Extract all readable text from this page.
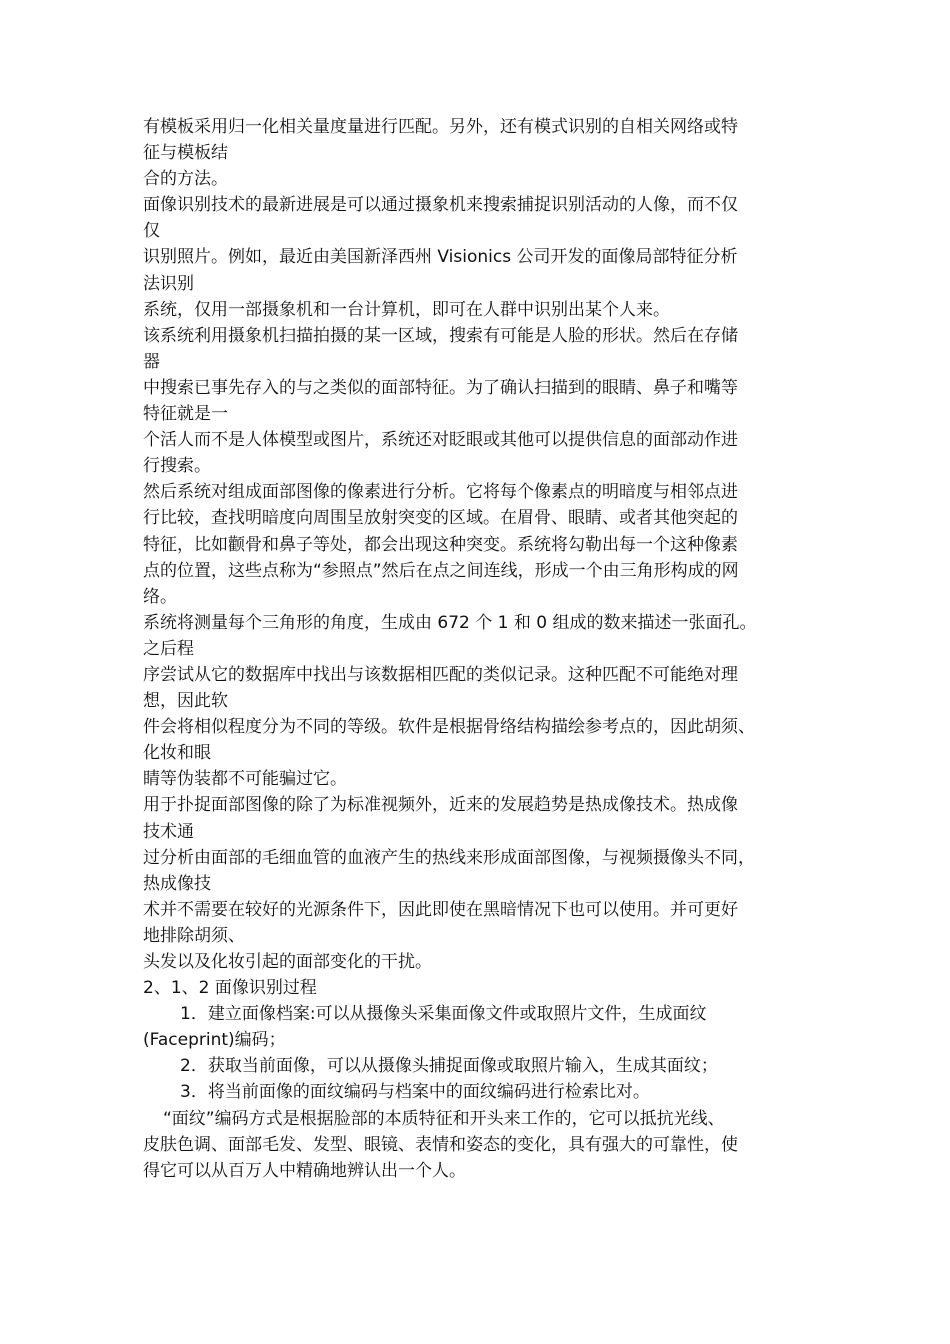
有模板采用归一化相关量度量进行匹配。另外，还有模式识别的自相关网络或特

征与模板结

合的方法。

面像识别技术的最新进展是可以通过摄象机来搜索捕捉识别活动的人像，而不仅

仅

识别照片。例如，最近由美国新泽西州 Visionics 公司开发的面像局部特征分析

法识别

系统，仅用一部摄象机和一台计算机，即可在人群中识别出某个人来。

该系统利用摄象机扫描拍摄的某一区域，搜索有可能是人脸的形状。然后在存储

器

中搜索已事先存入的与之类似的面部特征。为了确认扫描到的眼睛、鼻子和嘴等

特征就是一

个活人而不是人体模型或图片，系统还对眨眼或其他可以提供信息的面部动作进

行搜索。

然后系统对组成面部图像的像素进行分析。它将每个像素点的明暗度与相邻点进

行比较，查找明暗度向周围呈放射突变的区域。在眉骨、眼睛、或者其他突起的

特征，比如颧骨和鼻子等处，都会出现这种突变。系统将勾勒出每一个这种像素

点的位置，这些点称为“参照点”然后在点之间连线，形成一个由三角形构成的网

络。

系统将测量每个三角形的角度，生成由 672 个 1 和 0 组成的数来描述一张面孔。

之后程

序尝试从它的数据库中找出与该数据相匹配的类似记录。这种匹配不可能绝对理

想，因此软

件会将相似程度分为不同的等级。软件是根据骨络结构描绘参考点的，因此胡须、

化妆和眼

睛等伪装都不可能骗过它。

用于扑捉面部图像的除了为标准视频外，近来的发展趋势是热成像技术。热成像

技术通

过分析由面部的毛细血管的血液产生的热线来形成面部图像，与视频摄像头不同，

热成像技

术并不需要在较好的光源条件下，因此即使在黑暗情况下也可以使用。并可更好

地排除胡须、

头发以及化妆引起的面部变化的干扰。

2、1、2 面像识别过程

1．建立面像档案:可以从摄像头采集面像文件或取照片文件，生成面纹

(Faceprint)编码；

2．获取当前面像，可以从摄像头捕捉面像或取照片输入，生成其面纹；

3．将当前面像的面纹编码与档案中的面纹编码进行检索比对。

“面纹”编码方式是根据脸部的本质特征和开头来工作的，它可以抵抗光线、

皮肤色调、面部毛发、发型、眼镜、表情和姿态的变化，具有强大的可靠性，使

得它可以从百万人中精确地辨认出一个人。
